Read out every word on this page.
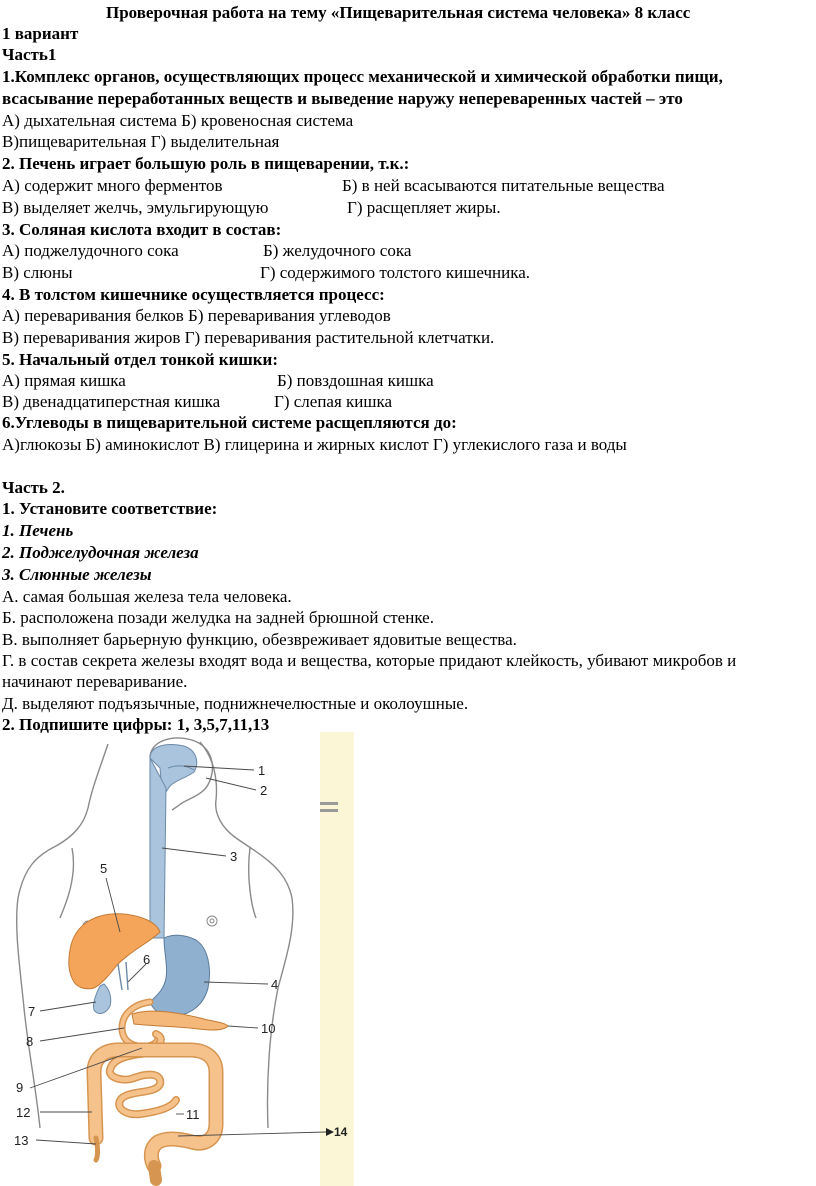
Проверочная работа на тему «Пищеварительная система человека» 8 класс
1 вариант
Часть1
1.Комплекс органов, осуществляющих процесс механической и химической обработки пищи,
всасывание переработанных веществ и выведение наружу непереваренных частей – это
А) дыхательная система Б) кровеносная система
В)пищеварительная Г) выделительная
2. Печень играет большую роль в пищеварении, т.к.:
А) содержит много ферментов	Б) в ней всасываются питательные вещества
В) выделяет желчь, эмульгирующую	Г) расщепляет жиры.
3. Соляная кислота входит в состав:
А) поджелудочного сока	Б) желудочного сока
В) слюны	Г) содержимого толстого кишечника.
4. В толстом кишечнике осуществляется процесс:
А) переваривания белков Б) переваривания углеводов
В) переваривания жиров Г) переваривания растительной клетчатки.
5. Начальный отдел тонкой кишки:
А) прямая кишка	Б) повздошная кишка
В) двенадцатиперстная кишка	Г) слепая кишка
6.Углеводы в пищеварительной системе расщепляются до:
А)глюкозы Б) аминокислот В) глицерина и жирных кислот Г) углекислого газа и воды
Часть 2.
1. Установите соответствие:
1. Печень
2. Поджелудочная железа
3. Слюнные железы
А. самая большая железа тела человека.
Б. расположена позади желудка на задней брюшной стенке.
В. выполняет барьерную функцию, обезвреживает ядовитые вещества.
Г. в состав секрета железы входят вода и вещества, которые придают клейкость, убивают микробов и
начинают переваривание.
Д. выделяют подъязычные, поднижнечелюстные и околоушные.
2. Подпишите цифры: 1, 3,5,7,11,13
1
2
3
4
5
6
7
8
9
10
11
12
13
14
